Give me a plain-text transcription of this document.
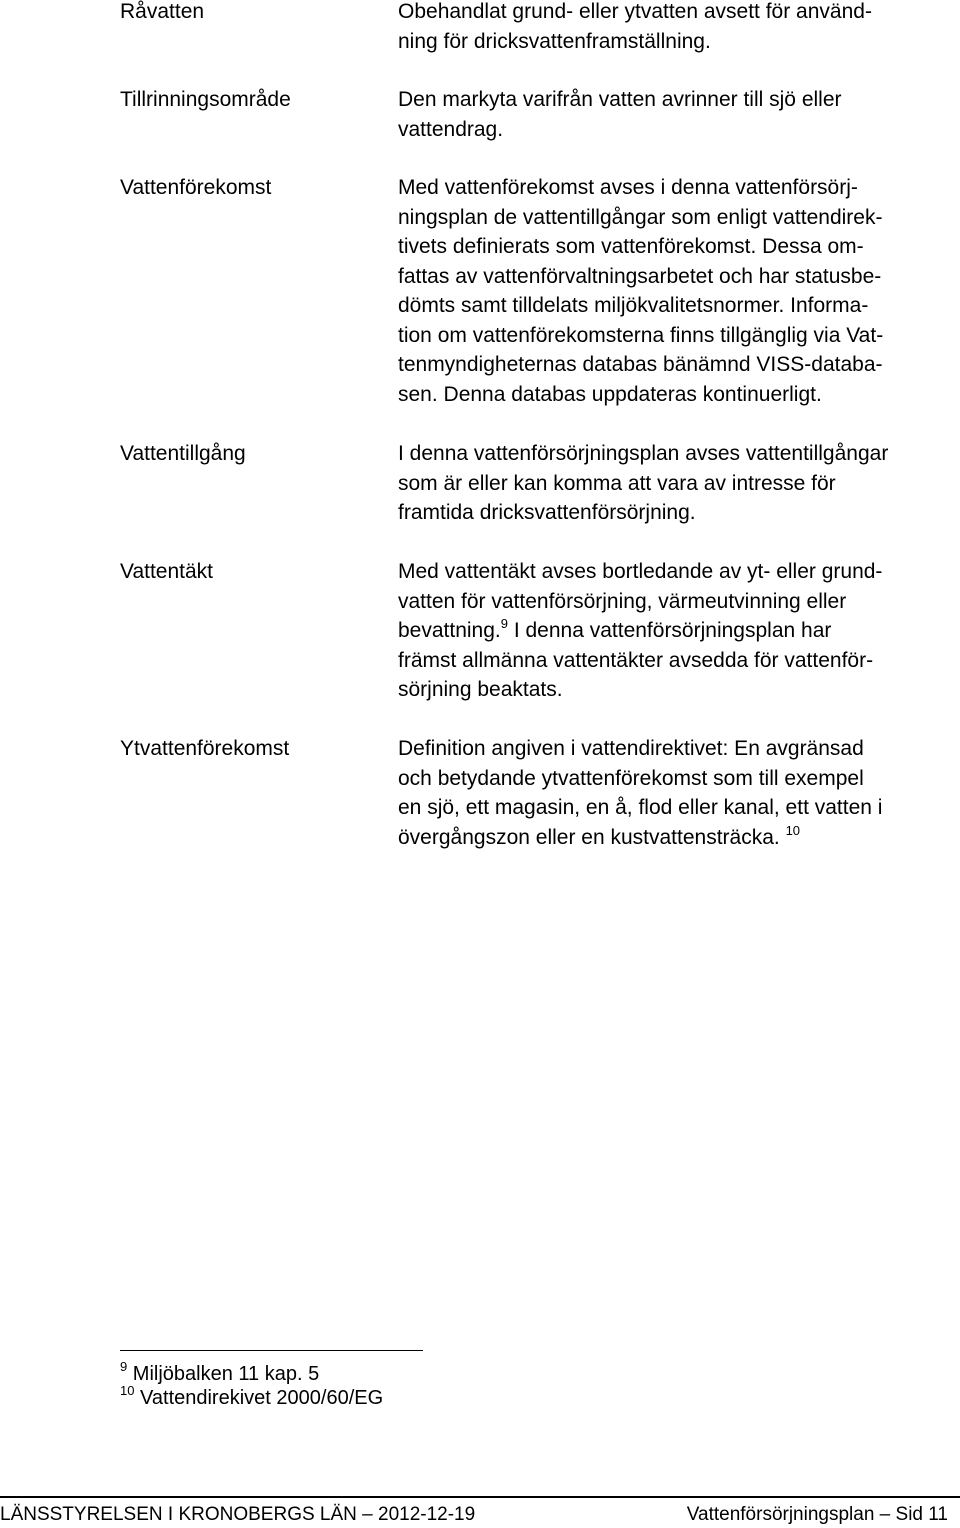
Råvatten	Obehandlat grund- eller ytvatten avsett för använd-
ning för dricksvattenframställning.
Tillrinningsområde	Den markyta varifrån vatten avrinner till sjö eller
vattendrag.
Vattenförekomst	Med vattenförekomst avses i denna vattenförsörj-
ningsplan de vattentillgångar som enligt vattendirek-
tivets definierats som vattenförekomst. Dessa om-
fattas av vattenförvaltningsarbetet och har statusbe-
dömts samt tilldelats miljökvalitetsnormer. Informa-
tion om vattenförekomsterna finns tillgänglig via Vat-
tenmyndigheternas databas bänämnd VISS-databa-
sen. Denna databas uppdateras kontinuerligt.
Vattentillgång	I denna vattenförsörjningsplan avses vattentillgångar
som är eller kan komma att vara av intresse för
framtida dricksvattenförsörjning.
Vattentäkt	Med vattentäkt avses bortledande av yt- eller grund-
vatten för vattenförsörjning, värmeutvinning eller
bevattning.$^9$ I denna vattenförsörjningsplan har
främst allmänna vattentäkter avsedda för vattenför-
sörjning beaktats.
Ytvattenförekomst	Definition angiven i vattendirektivet: En avgränsad
och betydande ytvattenförekomst som till exempel
en sjö, ett magasin, en å, flod eller kanal, ett vatten i
övergångszon eller en kustvattensträcka. $^{10}$
$^9$ Miljöbalken 11 kap. 5
$^{10}$ Vattendirekivet 2000/60/EG
LÄNSSTYRELSEN I KRONOBERGS LÄN – 2012-12-19	Vattenförsörjningsplan – Sid 11
